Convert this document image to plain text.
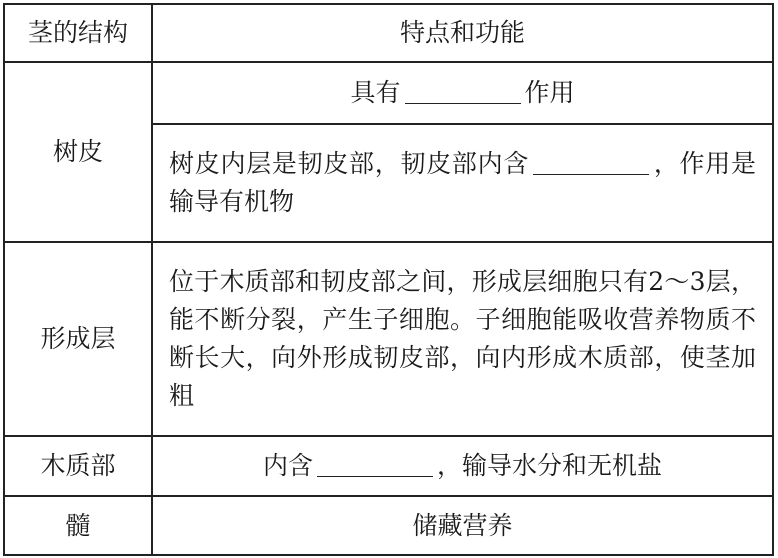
茎的结构	特点和功能
树皮	具有 作用
	树皮内层是韧皮部，韧皮部内含 ，作用是输导有机物
形成层	位于木质部和韧皮部之间，形成层细胞只有2～3层，能不断分裂，产生子细胞。子细胞能吸收营养物质不断长大，向外形成韧皮部，向内形成木质部，使茎加粗
木质部	内含 ，输导水分和无机盐
髓	储藏营养
